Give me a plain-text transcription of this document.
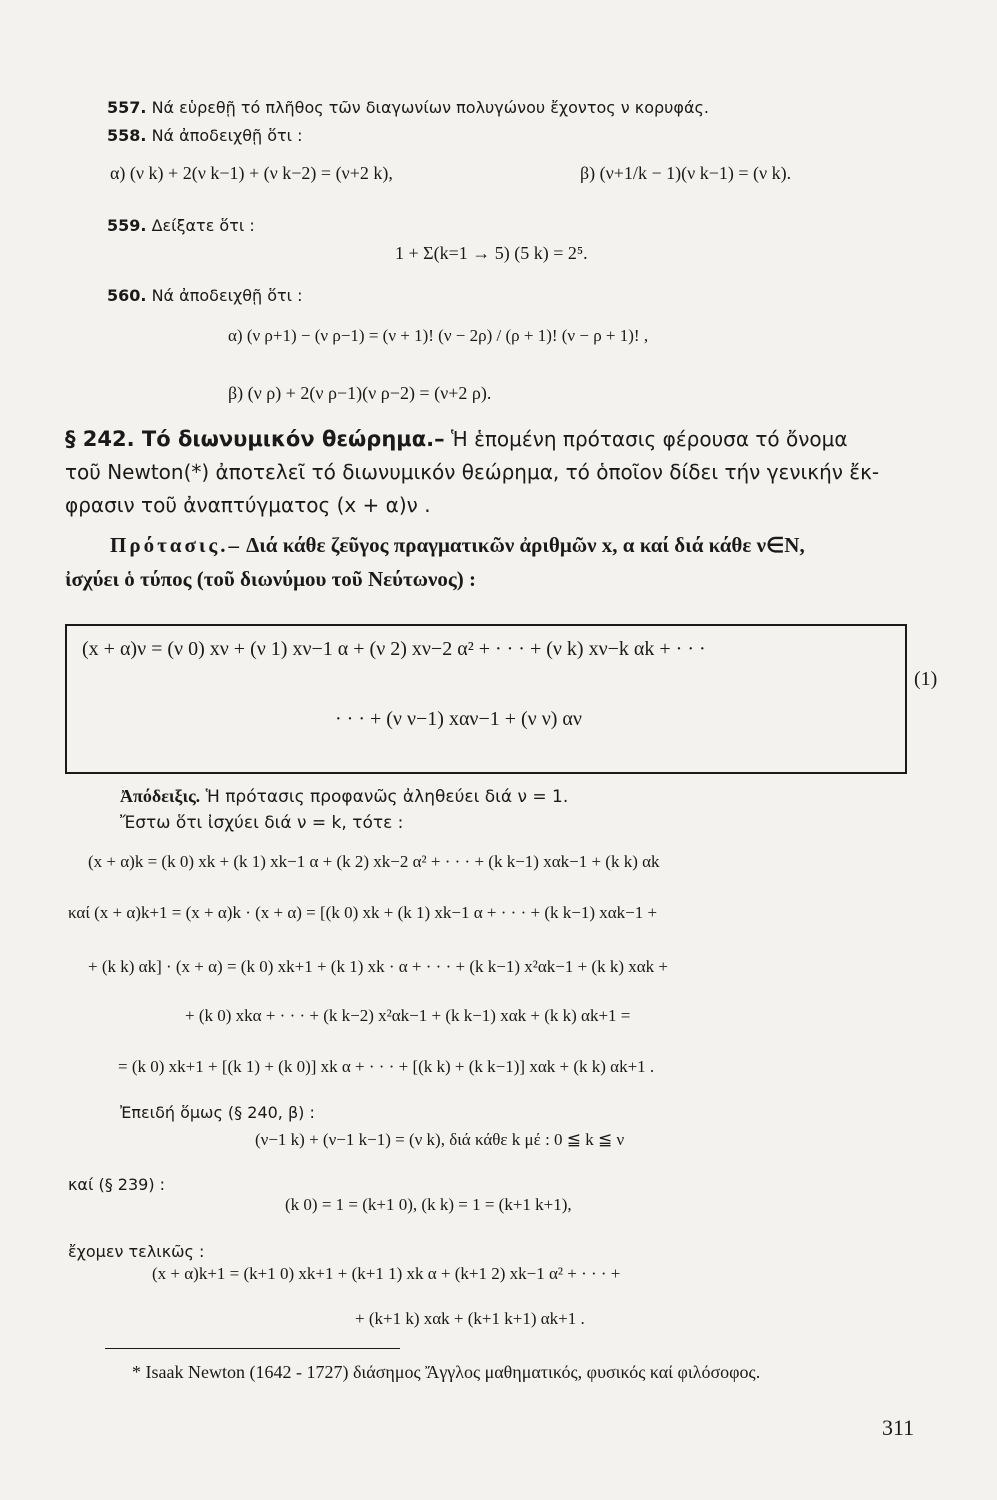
557. Νά εὑρεθῇ τό πλῆθος τῶν διαγωνίων πολυγώνου ἔχοντος ν κορυφάς.
558. Νά ἀποδειχθῇ ὅτι :
α) (ν k) + 2(ν k−1) + (ν k−2) = (ν+2 k),	β) (ν+1/k − 1)(ν k−1) = (ν k).
559. Δείξατε ὅτι :
1 + Σ(k=1 → 5) (5 k) = 2⁵.
560. Νά ἀποδειχθῇ ὅτι :
α) (ν ρ+1) − (ν ρ−1) = (ν + 1)! (ν − 2ρ) / (ρ + 1)! (ν − ρ + 1)! ,
β) (ν ρ) + 2(ν ρ−1)(ν ρ−2) = (ν+2 ρ).
§ 242. Τό διωνυμικόν θεώρημα.– Ἡ ἑπομένη πρότασις φέρουσα τό ὄνομα
τοῦ Newton(*) ἀποτελεῖ τό διωνυμικόν θεώρημα, τό ὁποῖον δίδει τήν γενικήν ἔκ-
φρασιν τοῦ ἀναπτύγματος (x + α)ν .
Πρότασις.– Διά κάθε ζεῦγος πραγματικῶν ἀριθμῶν x, α καί διά κάθε ν∈N,
ἰσχύει ὁ τύπος (τοῦ διωνύμου τοῦ Νεύτωνος) :
(x + α)ν = (ν 0) xν + (ν 1) xν−1 α + (ν 2) xν−2 α² + · · · + (ν k) xν−k αk + · · ·
· · · + (ν ν−1) xαν−1 + (ν ν) αν
(1)
Ἀπόδειξις. Ἡ πρότασις προφανῶς ἀληθεύει διά ν = 1.
Ἔστω ὅτι ἰσχύει διά ν = k, τότε :
(x + α)k = (k 0) xk + (k 1) xk−1 α + (k 2) xk−2 α² + · · · + (k k−1) xαk−1 + (k k) αk
καί (x + α)k+1 = (x + α)k · (x + α) = [(k 0) xk + (k 1) xk−1 α + · · · + (k k−1) xαk−1 +
+ (k k) αk] · (x + α) = (k 0) xk+1 + (k 1) xk · α + · · · + (k k−1) x²αk−1 + (k k) xαk +
+ (k 0) xkα + · · · + (k k−2) x²αk−1 + (k k−1) xαk + (k k) αk+1 =
= (k 0) xk+1 + [(k 1) + (k 0)] xk α + · · · + [(k k) + (k k−1)] xαk + (k k) αk+1 .
Ἐπειδή ὅμως (§ 240, β) :
(ν−1 k) + (ν−1 k−1) = (ν k), διά κάθε k μέ : 0 ≦ k ≦ ν
καί (§ 239) :
(k 0) = 1 = (k+1 0), (k k) = 1 = (k+1 k+1),
ἔχομεν τελικῶς :
(x + α)k+1 = (k+1 0) xk+1 + (k+1 1) xk α + (k+1 2) xk−1 α² + · · · +
+ (k+1 k) xαk + (k+1 k+1) αk+1 .
* Isaak Newton (1642 - 1727) διάσημος Ἄγγλος μαθηματικός, φυσικός καί φιλόσοφος.
311
